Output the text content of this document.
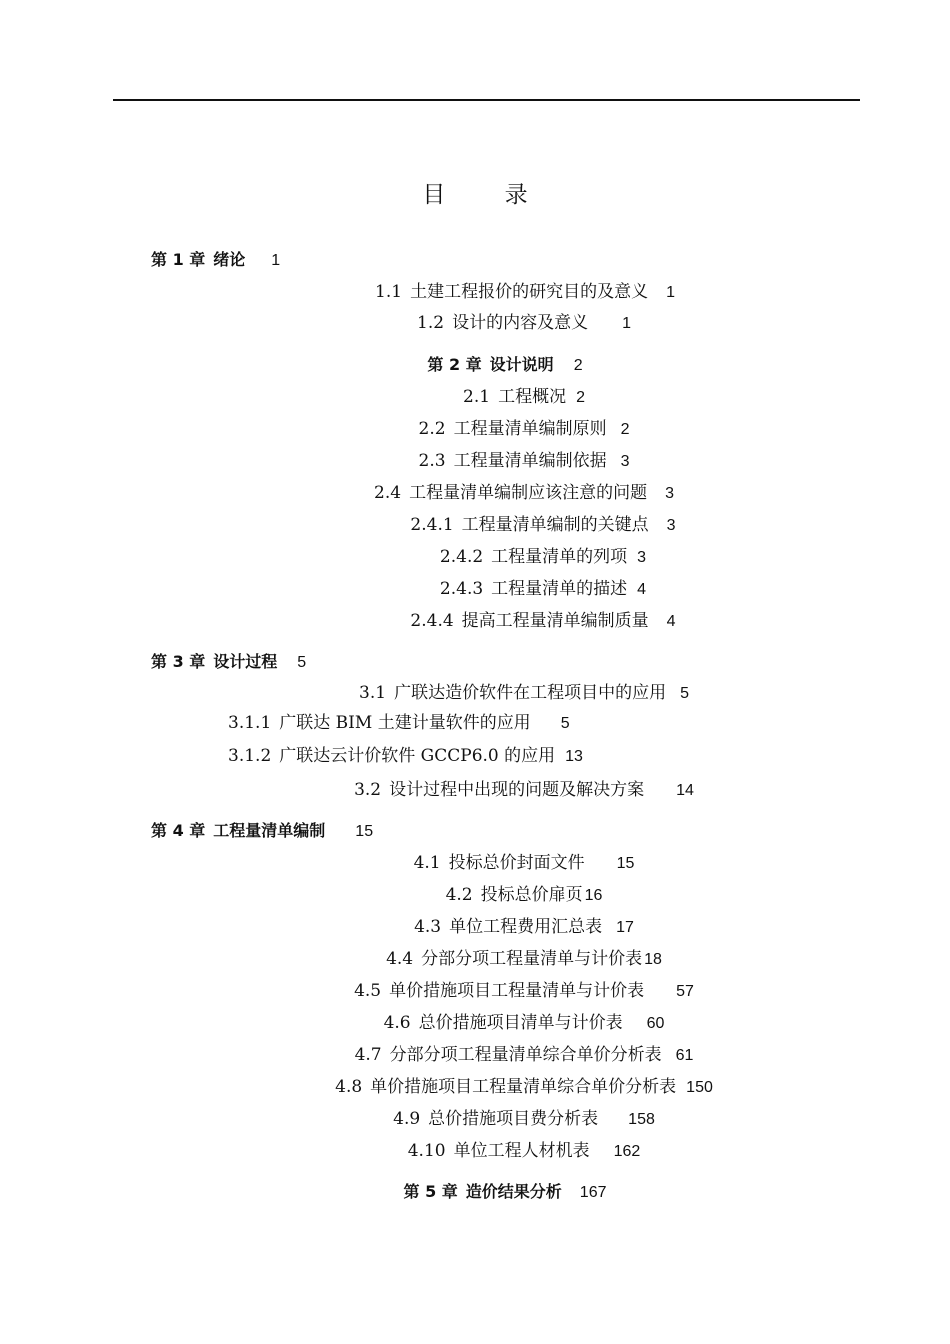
目 录
第 1 章 绪论 1
1.1 土建工程报价的研究目的及意义 1
1.2 设计的内容及意义 1
第 2 章 设计说明 2
2.1 工程概况 2
2.2 工程量清单编制原则 2
2.3 工程量清单编制依据 3
2.4 工程量清单编制应该注意的问题 3
2.4.1 工程量清单编制的关键点 3
2.4.2 工程量清单的列项 3
2.4.3 工程量清单的描述 4
2.4.4 提高工程量清单编制质量 4
第 3 章 设计过程 5
3.1 广联达造价软件在工程项目中的应用 5
3.1.1 广联达 BIM 土建计量软件的应用 5
3.1.2 广联达云计价软件 GCCP6.0 的应用 13
3.2 设计过程中出现的问题及解决方案 14
第 4 章 工程量清单编制 15
4.1 投标总价封面文件 15
4.2 投标总价扉页 16
4.3 单位工程费用汇总表 17
4.4 分部分项工程量清单与计价表 18
4.5 单价措施项目工程量清单与计价表 57
4.6 总价措施项目清单与计价表 60
4.7 分部分项工程量清单综合单价分析表 61
4.8 单价措施项目工程量清单综合单价分析表 150
4.9 总价措施项目费分析表 158
4.10 单位工程人材机表 162
第 5 章 造价结果分析 167
